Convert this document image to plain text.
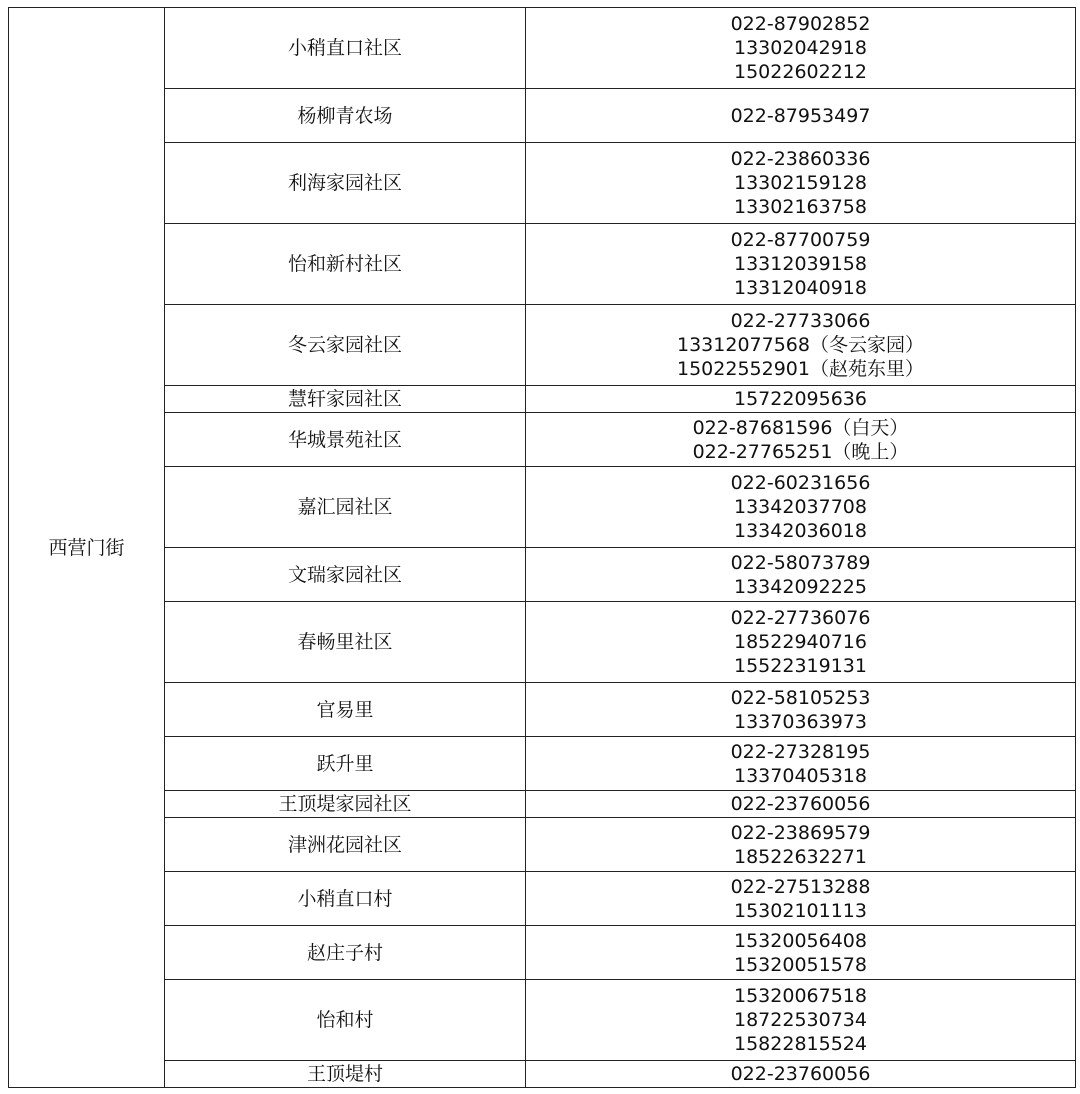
西营门街	小稍直口社区	022-87902852
13302042918
15022602212

	杨柳青农场	022-87953497

	利海家园社区	022-23860336
13302159128
13302163758

	怡和新村社区	022-87700759
13312039158
13312040918

	冬云家园社区	022-27733066
13312077568（冬云家园）
15022552901（赵苑东里）

	慧轩家园社区	15722095636

	华城景苑社区	022-87681596（白天）
022-27765251（晚上）

	嘉汇园社区	022-60231656
13342037708
13342036018

	文瑞家园社区	022-58073789
13342092225

	春畅里社区	022-27736076
18522940716
15522319131

	官易里	022-58105253
13370363973

	跃升里	022-27328195
13370405318

	王顶堤家园社区	022-23760056

	津洲花园社区	022-23869579
18522632271

	小稍直口村	022-27513288
15302101113

	赵庄子村	15320056408
15320051578

	怡和村	15320067518
18722530734
15822815524

	王顶堤村	022-23760056
